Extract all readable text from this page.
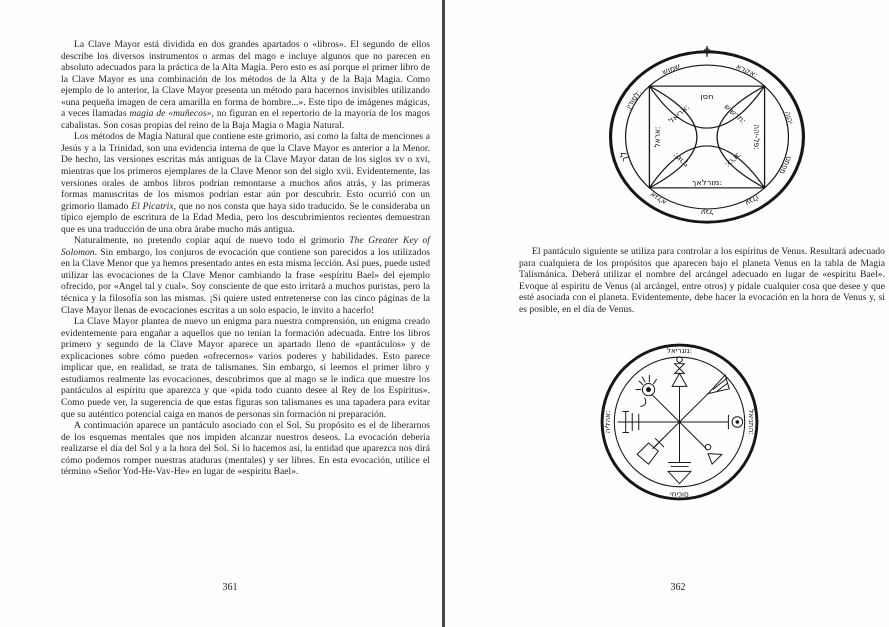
La Clave Mayor está dividida en dos grandes apartados o «libros». El segundo de ellos describe los diversos instrumentos o armas del mago e incluye algunos que no parecen en absoluto adecuados para la práctica de la Alta Magia. Pero esto es así porque el primer libro de la Clave Mayor es una combinación de los métodos de la Alta y de la Baja Magia. Como ejemplo de lo anterior, la Clave Mayor presenta un método para hacernos invisibles utilizando «una pequeña imagen de cera amarilla en forma de hombre...». Este tipo de imágenes mágicas, a veces llamadas magia de «muñecos», no figuran en el repertorio de la mayoría de los magos cabalistas. Son cosas propias del reino de la Baja Magia o Magia Natural.

Los métodos de Magia Natural que contiene este grimorio, así como la falta de menciones a Jesús y a la Trinidad, son una evidencia interna de que la Clave Mayor es anterior a la Menor. De hecho, las versiones escritas más antiguas de la Clave Mayor datan de los siglos xv o xvi, mientras que los primeros ejemplares de la Clave Menor son del siglo xvii. Evidentemente, las versiones orales de ambos libros podrían remontarse a muchos años atrás, y las primeras formas manuscritas de los mismos podrían estar aún por descubrir. Esto ocurrió con un grimorio llamado El Picatrix, que no nos consta que haya sido traducido. Se le consideraba un típico ejemplo de escritura de la Edad Media, pero los descubrimientos recientes demuestran que es una traducción de una obra árabe mucho más antigua.

Naturalmente, no pretendo copiar aquí de nuevo todo el grimorio The Greater Key of Solomon. Sin embargo, los conjuros de evocación que contiene son parecidos a los utilizados en la Clave Menor que ya hemos presentado antes en esta misma lección. Así pues, puede usted utilizar las evocaciones de la Clave Menor cambiando la frase «espíritu Bael» del ejemplo ofrecido, por «Angel tal y cual». Soy consciente de que esto irritará a muchos puristas, pero la técnica y la filosofía son las mismas. ¡Si quiere usted entretenerse con las cinco páginas de la Clave Mayor llenas de evocaciones escritas a un solo espacio, le invito a hacerlo!

La Clave Mayor plantea de nuevo un enigma para nuestra comprensión, un enigma creado evidentemente para engañar a aquellos que no tenían la formación adecuada. Entre los libros primero y segundo de la Clave Mayor aparece un apartado lleno de «pantáculos» y de explicaciones sobre cómo pueden «ofrecernos» varios poderes y habilidades. Esto parece implicar que, en realidad, se trata de talismanes. Sin embargo, si leemos el primer libro y estudiamos realmente las evocaciones, descubrimos que al mago se le indica que muestre los pantáculos al espíritu que aparezca y que «pida todo cuanto desee al Rey de los Espíritus». Como puede ver, la sugerencia de que estas figuras son talismanes es una tapadera para evitar que su auténtico potencial caiga en manos de personas sin formación ni preparación.

A continuación aparece un pantáculo asociado con el Sol. Su propósito es el de liberarnos de los esquemas mentales que nos impiden alcanzar nuestros deseos. La evocación debería realizarse el día del Sol y a la hora del Sol. Si lo hacemos así, la entidad que aparezca nos dirá cómo podemos romper nuestras ataduras (mentales) y ser libres. En esta evocación, utilice el término «Señor Yod-He-Vav-He» en lugar de «espíritu Bael».

361
שמוש	אקרא:
יהוה
מפתט
עגלו
עגל
אגלא
לך
לסודין:
חסן
אריאל:	תרשיש:
אראל:	פל-יהה:
שרף:	כרוב:
מורלאך:

El pantáculo siguiente se utiliza para controlar a los espíritus de Venus. Resultará adecuado para cualquiera de los propósitos que aparecen bajo el planeta Venus en la tabla de Magia Talismánica. Deberá utilizar el nombre del arcángel adecuado en lugar de «espíritu Bael». Evoque al espíritu de Venus (al arcángel, entre otros) y pídale cualquier cosa que desee y que esté asociada con el planeta. Evidentemente, debe hacer la evocación en la hora de Venus y, si es posible, en el día de Venus.

נוגריאל:
אהליה:	התניאל:
םוכיחי
362
